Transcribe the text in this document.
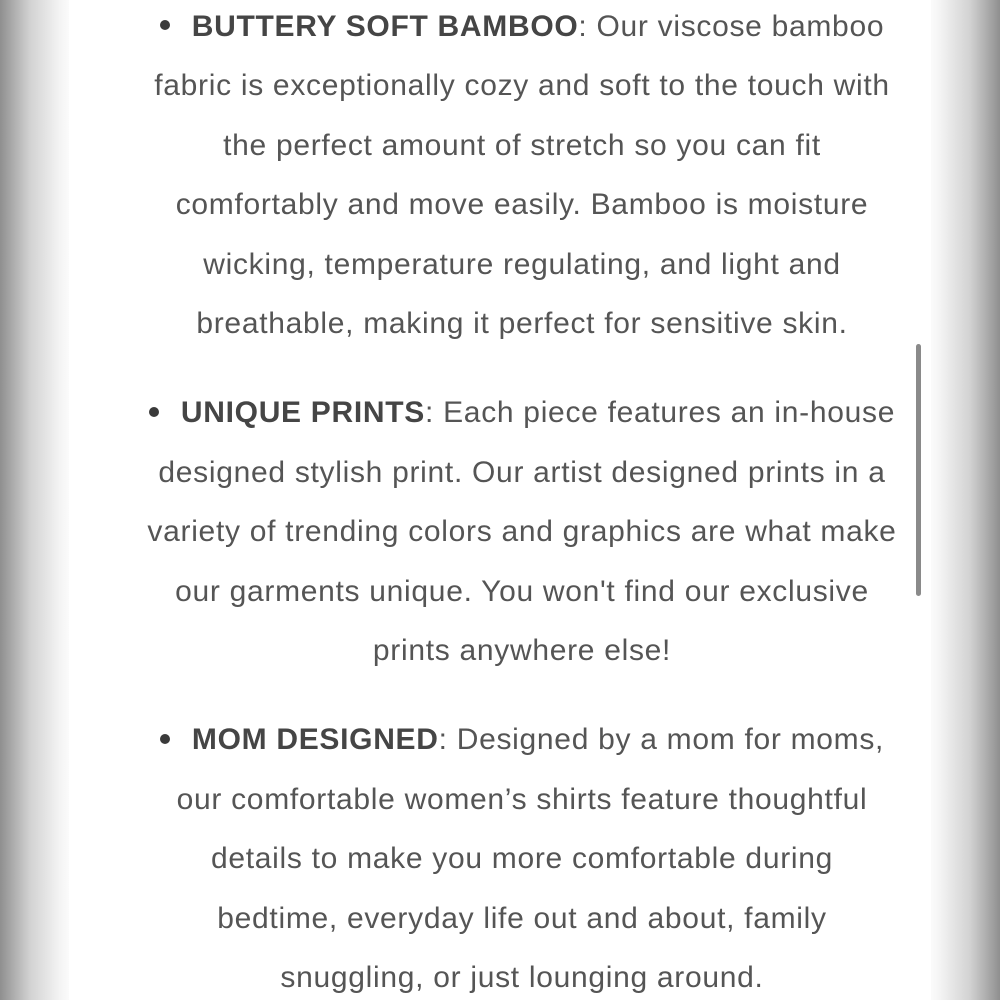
BUTTERY SOFT BAMBOO: Our viscose bamboo fabric is exceptionally cozy and soft to the touch with the perfect amount of stretch so you can fit comfortably and move easily. Bamboo is moisture wicking, temperature regulating, and light and breathable, making it perfect for sensitive skin.
UNIQUE PRINTS: Each piece features an in-house designed stylish print. Our artist designed prints in a variety of trending colors and graphics are what make our garments unique. You won't find our exclusive prints anywhere else!
MOM DESIGNED: Designed by a mom for moms, our comfortable women’s shirts feature thoughtful details to make you more comfortable during bedtime, everyday life out and about, family snuggling, or just lounging around.
